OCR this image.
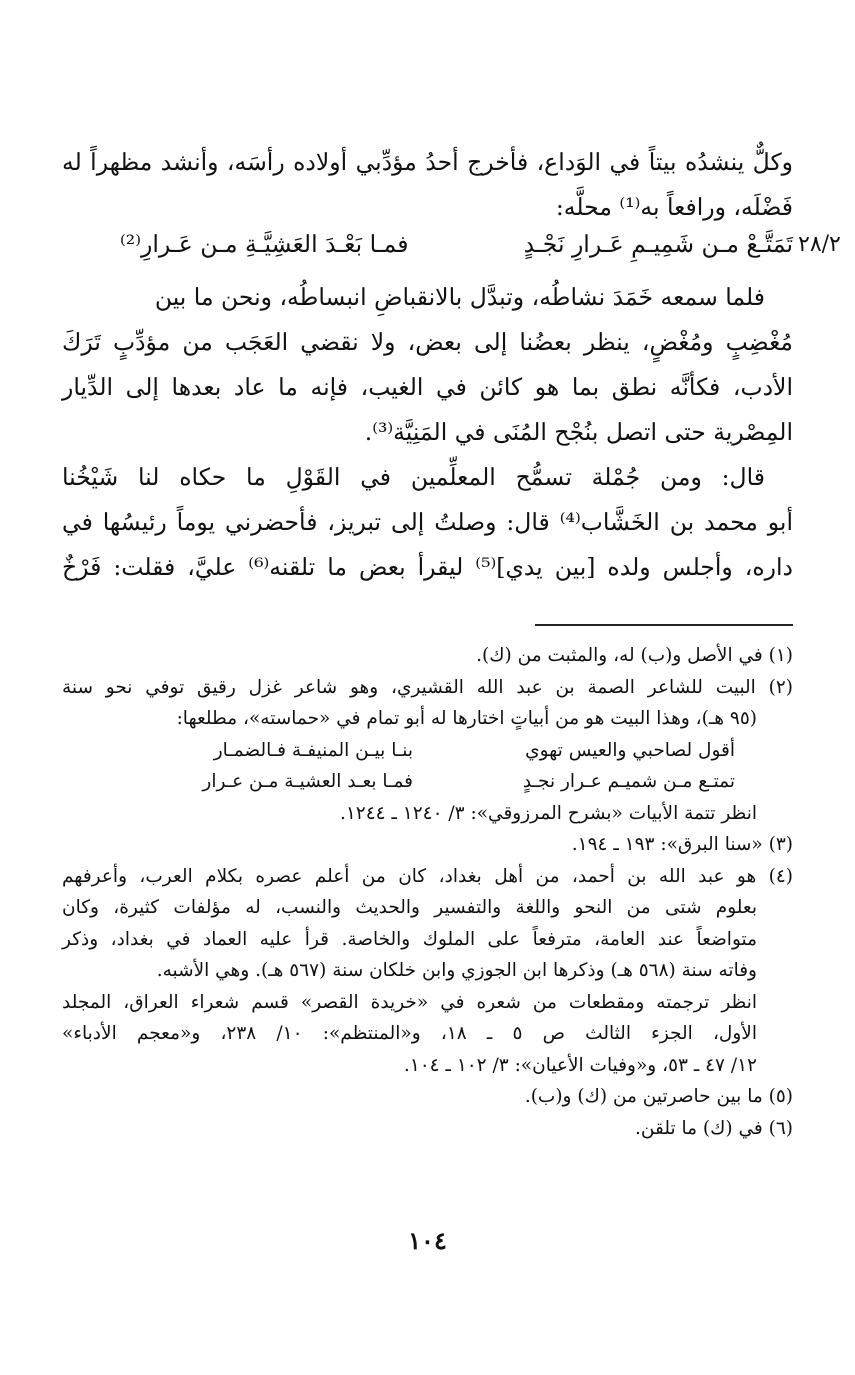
وكلٌّ ينشدُه بيتاً في الوَداع، فأخرج أحدُ مؤدِّبي أولاده رأسَه، وأنشد مظهراً له
فَضْلَه، ورافعاً به⁽¹⁾ محلَّه:
فلما سمعه خَمَدَ نشاطُه، وتبدَّل بالانقباضِ انبساطُه، ونحن ما بين
مُغْضِبٍ ومُغْضٍ، ينظر بعضُنا إلى بعض، ولا نقضي العَجَب من مؤدِّبٍ تَرَكَ
الأدب، فكأنَّه نطق بما هو كائن في الغيب، فإنه ما عاد بعدها إلى الدِّيار
المِصْرية حتى اتصل بنُجْح المُنَى في المَنِيَّة⁽³⁾.
قال: ومن جُمْلة تسمُّح المعلِّمين في القَوْلِ ما حكاه لنا شَيْخُنا
أبو محمد بن الخَشَّاب⁽⁴⁾ قال: وصلتُ إلى تبريز، فأحضرني يوماً رئيسُها في
داره، وأجلس ولده [بين يدي]⁽⁵⁾ ليقرأ بعض ما تلقنه⁽⁶⁾ عليَّ، فقلت: فَرْخٌ
تَمَتَّـعْ مـن شَمِيـمِ عَـرارِ نَجْـدٍ
فمـا بَعْـدَ العَشِيَّـةِ مـن عَـرارِ⁽²⁾	٢٨/٢
(١) في الأصل و(ب) له، والمثبت من (ك).
(٢) البيت للشاعر الصمة بن عبد الله القشيري، وهو شاعر غزل رقيق توفي نحو سنة
(٩٥ هـ)، وهذا البيت هو من أبياتٍ اختارها له أبو تمام في «حماسته»، مطلعها:
أقول لصاحبي والعيس تهوي
بنـا بيـن المنيفـة فـالضمـار
تمتـع مـن شميـم عـرار نجـدٍ
فمـا بعـد العشيـة مـن عـرار
انظر تتمة الأبيات «بشرح المرزوقي»: ٣/ ١٢٤٠ ـ ١٢٤٤.
(٣) «سنا البرق»: ١٩٣ ـ ١٩٤.
(٤) هو عبد الله بن أحمد، من أهل بغداد، كان من أعلم عصره بكلام العرب، وأعرفهم
بعلوم شتى من النحو واللغة والتفسير والحديث والنسب، له مؤلفات كثيرة، وكان
متواضعاً عند العامة، مترفعاً على الملوك والخاصة. قرأ عليه العماد في بغداد، وذكر
وفاته سنة (٥٦٨ هـ) وذكرها ابن الجوزي وابن خلكان سنة (٥٦٧ هـ). وهي الأشبه.
انظر ترجمته ومقطعات من شعره في «خريدة القصر» قسم شعراء العراق، المجلد
الأول، الجزء الثالث ص ٥ ـ ١٨، و«المنتظم»: ١٠/ ٢٣٨، و«معجم الأدباء»
١٢/ ٤٧ ـ ٥٣، و«وفيات الأعيان»: ٣/ ١٠٢ ـ ١٠٤.
(٥) ما بين حاصرتين من (ك) و(ب).
(٦) في (ك) ما تلقن.
١٠٤
